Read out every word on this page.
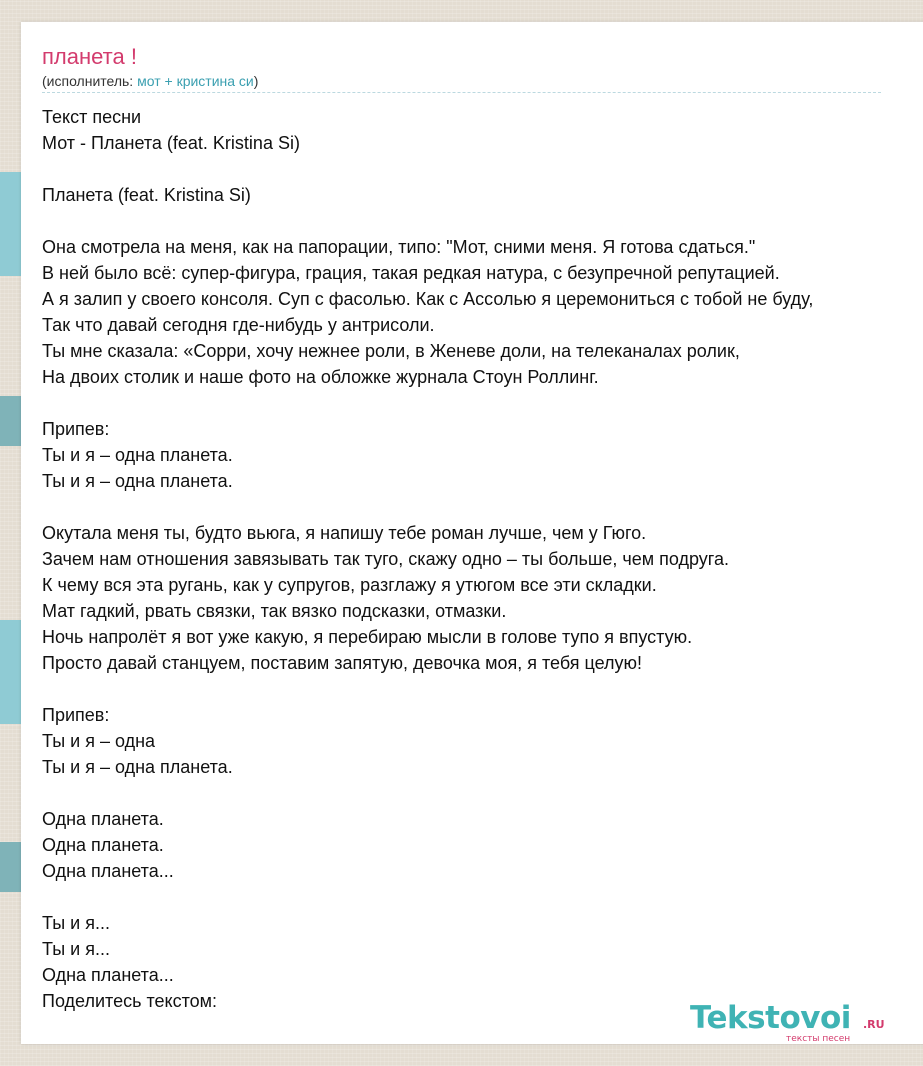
планета !
(исполнитель: мот + кристина си)
Текст песни
Мот - Планета (feat. Kristina Si)
Планета (feat. Kristina Si)
Она смотрела на меня, как на папорации, типо: "Мот, сними меня. Я готова сдаться."
В ней было всё: супер-фигура, грация, такая редкая натура, с безупречной репутацией.
А я залип у своего консоля. Суп с фасолью. Как с Ассолью я церемониться с тобой не буду,
Так что давай сегодня где-нибудь у антрисоли.
Ты мне сказала: «Сорри, хочу нежнее роли, в Женеве доли, на телеканалах ролик,
На двоих столик и наше фото на обложке журнала Стоун Роллинг.
Припев:
Ты и я – одна планета.
Ты и я – одна планета.
Окутала меня ты, будто вьюга, я напишу тебе роман лучше, чем у Гюго.
Зачем нам отношения завязывать так туго, скажу одно – ты больше, чем подруга.
К чему вся эта ругань, как у супругов, разглажу я утюгом все эти складки.
Мат гадкий, рвать связки, так вязко подсказки, отмазки.
Ночь напролёт я вот уже какую, я перебираю мысли в голове тупо я впустую.
Просто давай станцуем, поставим запятую, девочка моя, я тебя целую!
Припев:
Ты и я – одна
Ты и я – одна планета.
Одна планета.
Одна планета.
Одна планета...
Ты и я...
Ты и я...
Одна планета...
Поделитесь текстом:	Tekstovoi .RU
тексты песен
